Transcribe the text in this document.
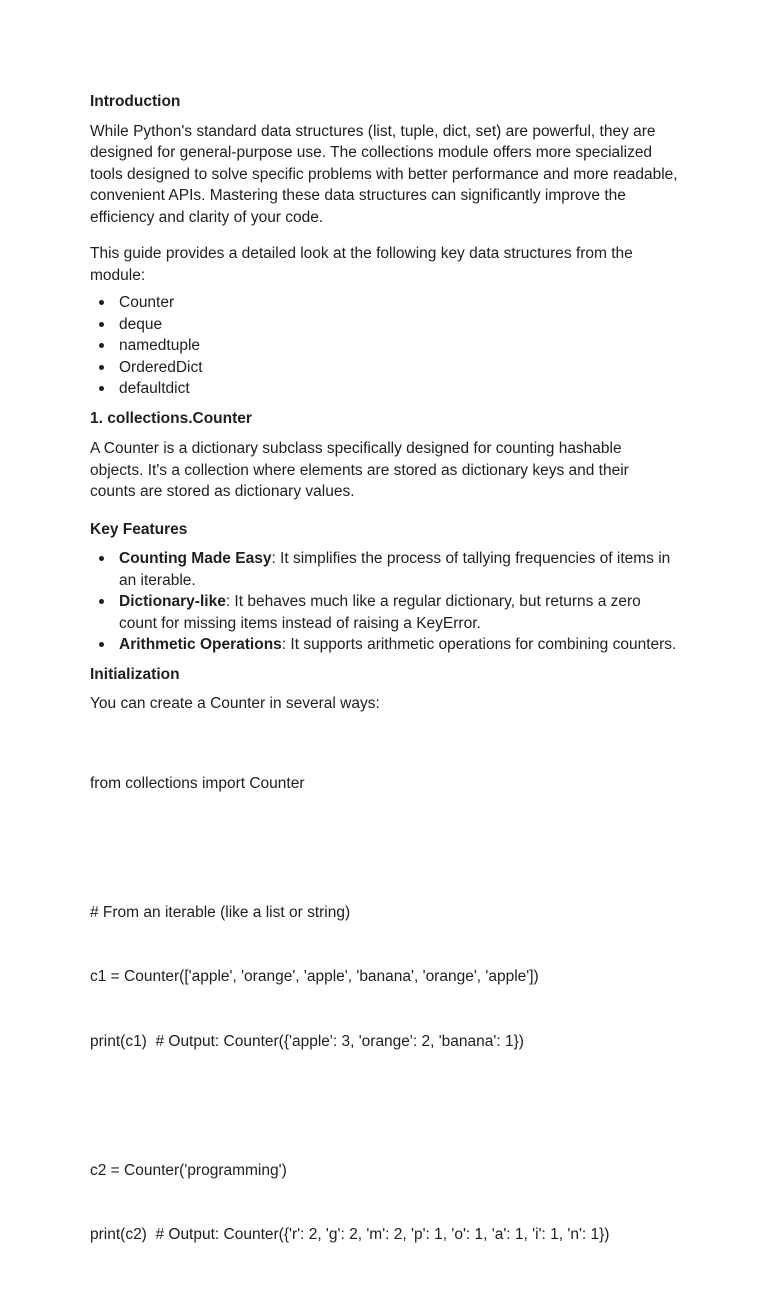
Introduction

While Python's standard data structures (list, tuple, dict, set) are powerful, they are designed for general-purpose use. The collections module offers more specialized tools designed to solve specific problems with better performance and more readable, convenient APIs. Mastering these data structures can significantly improve the efficiency and clarity of your code.

This guide provides a detailed look at the following key data structures from the module:

Counter
deque
namedtuple
OrderedDict
defaultdict
1. collections.Counter

A Counter is a dictionary subclass specifically designed for counting hashable objects. It's a collection where elements are stored as dictionary keys and their counts are stored as dictionary values.

Key Features
Counting Made Easy: It simplifies the process of tallying frequencies of items in an iterable.
Dictionary-like: It behaves much like a regular dictionary, but returns a zero count for missing items instead of raising a KeyError.
Arithmetic Operations: It supports arithmetic operations for combining counters.
Initialization

You can create a Counter in several ways:

from collections import Counter

# From an iterable (like a list or string)

c1 = Counter(['apple', 'orange', 'apple', 'banana', 'orange', 'apple'])

print(c1)  # Output: Counter({'apple': 3, 'orange': 2, 'banana': 1})

c2 = Counter('programming')

print(c2)  # Output: Counter({'r': 2, 'g': 2, 'm': 2, 'p': 1, 'o': 1, 'a': 1, 'i': 1, 'n': 1})
